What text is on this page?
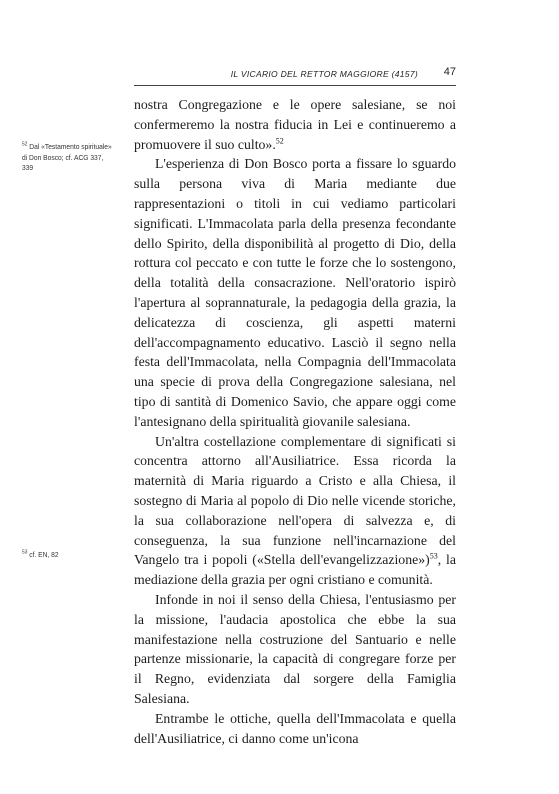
IL VICARIO DEL RETTOR MAGGIORE (4157) 47
$^{52}$ Dal «Testamento spirituale» di Don Bosco; cf. ACG 337, 339
$^{53}$ cf. EN, 82

nostra Congregazione e le opere salesiane, se noi confermeremo la nostra fiducia in Lei e continueremo a promuovere il suo culto».$^{52}$

L'esperienza di Don Bosco porta a fissare lo sguardo sulla persona viva di Maria mediante due rappresentazioni o titoli in cui vediamo particolari significati. L'Immacolata parla della presenza fecondante dello Spirito, della disponibilità al progetto di Dio, della rottura col peccato e con tutte le forze che lo sostengono, della totalità della consacrazione. Nell'oratorio ispirò l'apertura al soprannaturale, la pedagogia della grazia, la delicatezza di coscienza, gli aspetti materni dell'accompagnamento educativo. Lasciò il segno nella festa dell'Immacolata, nella Compagnia dell'Immacolata una specie di prova della Congregazione salesiana, nel tipo di santità di Domenico Savio, che appare oggi come l'antesignano della spiritualità giovanile salesiana.

Un'altra costellazione complementare di significati si concentra attorno all'Ausiliatrice. Essa ricorda la maternità di Maria riguardo a Cristo e alla Chiesa, il sostegno di Maria al popolo di Dio nelle vicende storiche, la sua collaborazione nell'opera di salvezza e, di conseguenza, la sua funzione nell'incarnazione del Vangelo tra i popoli («Stella dell'evangelizzazione»)$^{53}$, la mediazione della grazia per ogni cristiano e comunità.

Infonde in noi il senso della Chiesa, l'entusiasmo per la missione, l'audacia apostolica che ebbe la sua manifestazione nella costruzione del Santuario e nelle partenze missionarie, la capacità di congregare forze per il Regno, evidenziata dal sorgere della Famiglia Salesiana.

Entrambe le ottiche, quella dell'Immacolata e quella dell'Ausiliatrice, ci danno come un'icona
